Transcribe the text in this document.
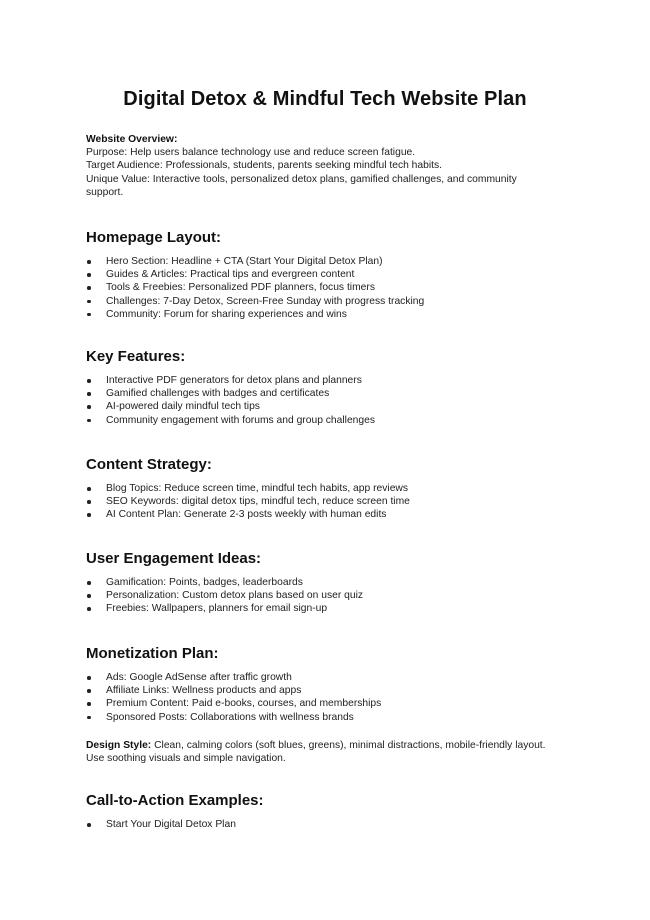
Digital Detox & Mindful Tech Website Plan
Website Overview:
Purpose: Help users balance technology use and reduce screen fatigue.
Target Audience: Professionals, students, parents seeking mindful tech habits.
Unique Value: Interactive tools, personalized detox plans, gamified challenges, and community support.
Homepage Layout:
Hero Section: Headline + CTA (Start Your Digital Detox Plan)
Guides & Articles: Practical tips and evergreen content
Tools & Freebies: Personalized PDF planners, focus timers
Challenges: 7-Day Detox, Screen-Free Sunday with progress tracking
Community: Forum for sharing experiences and wins
Key Features:
Interactive PDF generators for detox plans and planners
Gamified challenges with badges and certificates
AI-powered daily mindful tech tips
Community engagement with forums and group challenges
Content Strategy:
Blog Topics: Reduce screen time, mindful tech habits, app reviews
SEO Keywords: digital detox tips, mindful tech, reduce screen time
AI Content Plan: Generate 2-3 posts weekly with human edits
User Engagement Ideas:
Gamification: Points, badges, leaderboards
Personalization: Custom detox plans based on user quiz
Freebies: Wallpapers, planners for email sign-up
Monetization Plan:
Ads: Google AdSense after traffic growth
Affiliate Links: Wellness products and apps
Premium Content: Paid e-books, courses, and memberships
Sponsored Posts: Collaborations with wellness brands

Design Style: Clean, calming colors (soft blues, greens), minimal distractions, mobile-friendly layout. Use soothing visuals and simple navigation.

Call-to-Action Examples:
Start Your Digital Detox Plan
